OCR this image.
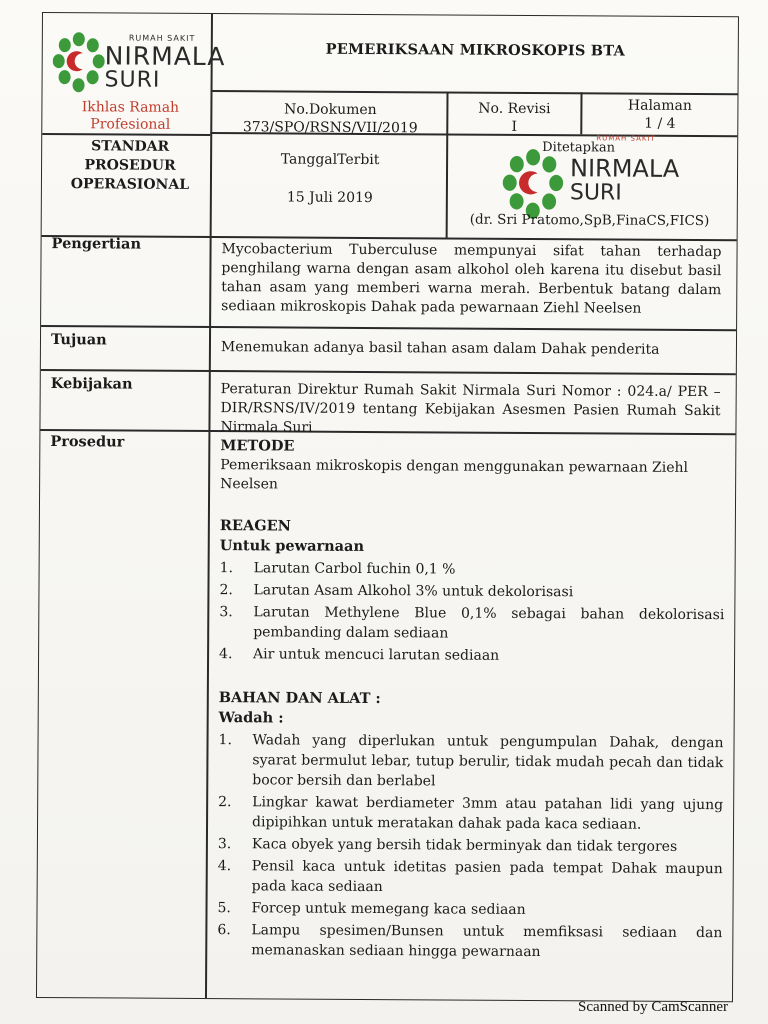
RUMAH SAKIT
NIRMALA
SURI
Ikhlas Ramah
Profesional
PEMERIKSAAN MIKROSKOPIS BTA
No.Dokumen
373/SPO/RSNS/VII/2019
No. Revisi
I
Halaman
1 / 4
STANDAR
PROSEDUR
OPERASIONAL
TanggalTerbit
15 Juli 2019
RUMAH SAKIT
Ditetapkan
NIRMALA
SURI
(dr. Sri Pratomo,SpB,FinaCS,FICS)
Pengertian
Tujuan
Kebijakan
Prosedur
Mycobacterium Tuberculuse mempunyai sifat tahan terhadap penghilang warna dengan asam alkohol oleh karena itu disebut basil tahan asam yang memberi warna merah. Berbentuk batang dalam sediaan mikroskopis Dahak pada pewarnaan Ziehl Neelsen
Menemukan adanya basil tahan asam dalam Dahak penderita
Peraturan Direktur Rumah Sakit Nirmala Suri Nomor : 024.a/ PER – DIR/RSNS/IV/2019 tentang Kebijakan Asesmen Pasien Rumah Sakit Nirmala Suri
METODE
Pemeriksaan mikroskopis dengan menggunakan pewarnaan Ziehl Neelsen
REAGEN
Untuk pewarnaan
1. Larutan Carbol fuchin 0,1 %
2. Larutan Asam Alkohol 3% untuk dekolorisasi
3. Larutan Methylene Blue 0,1% sebagai bahan dekolorisasi pembanding dalam sediaan
4. Air untuk mencuci larutan sediaan
BAHAN DAN ALAT :
Wadah :
1. Wadah yang diperlukan untuk pengumpulan Dahak, dengan syarat bermulut lebar, tutup berulir, tidak mudah pecah dan tidak bocor bersih dan berlabel
2. Lingkar kawat berdiameter 3mm atau patahan lidi yang ujung dipipihkan untuk meratakan dahak pada kaca sediaan.
3. Kaca obyek yang bersih tidak berminyak dan tidak tergores
4. Pensil kaca untuk idetitas pasien pada tempat Dahak maupun pada kaca sediaan
5. Forcep untuk memegang kaca sediaan
6. Lampu spesimen/Bunsen untuk memfiksasi sediaan dan memanaskan sediaan hingga pewarnaan
Scanned by CamScanner
